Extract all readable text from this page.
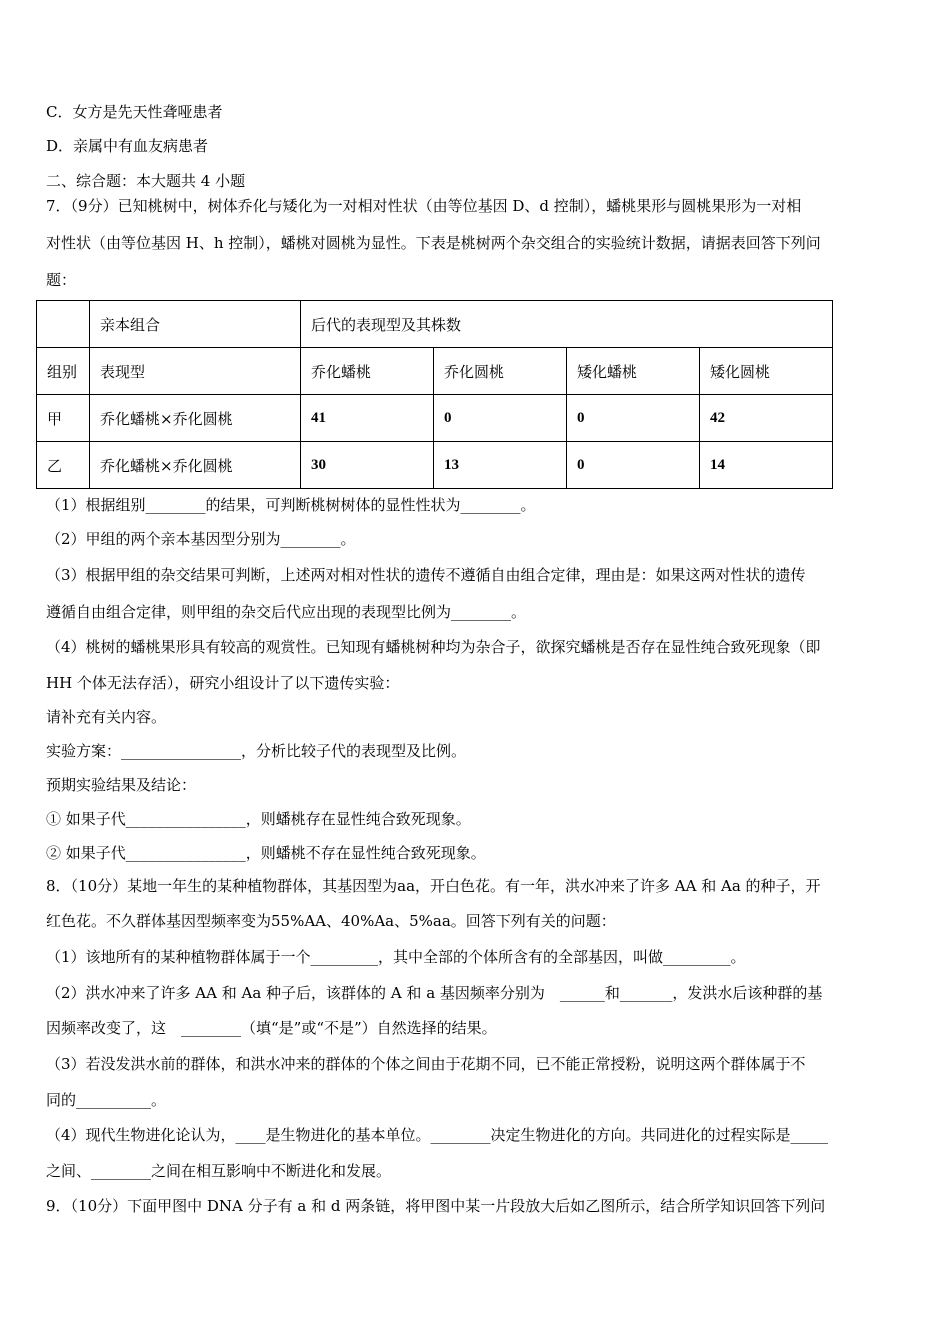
C．女方是先天性聋哑患者
D．亲属中有血友病患者
二、综合题：本大题共 4 小题
7．（9分）已知桃树中，树体乔化与矮化为一对相对性状（由等位基因 D、d 控制），蟠桃果形与圆桃果形为一对相
对性状（由等位基因 H、h 控制），蟠桃对圆桃为显性。下表是桃树两个杂交组合的实验统计数据，请据表回答下列问
题：
	亲本组合	后代的表现型及其株数			
组别	表现型	乔化蟠桃	乔化圆桃	矮化蟠桃	矮化圆桃
甲	乔化蟠桃×乔化圆桃	41	0	0	42
乙	乔化蟠桃×乔化圆桃	30	13	0	14
（1）根据组别________的结果，可判断桃树树体的显性性状为________。
（2）甲组的两个亲本基因型分别为________。
（3）根据甲组的杂交结果可判断，上述两对相对性状的遗传不遵循自由组合定律，理由是：如果这两对性状的遗传
遵循自由组合定律，则甲组的杂交后代应出现的表现型比例为________。
（4）桃树的蟠桃果形具有较高的观赏性。已知现有蟠桃树种均为杂合子，欲探究蟠桃是否存在显性纯合致死现象（即
HH 个体无法存活），研究小组设计了以下遗传实验：
请补充有关内容。
实验方案：________________，分析比较子代的表现型及比例。
预期实验结果及结论：
① 如果子代________________，则蟠桃存在显性纯合致死现象。
② 如果子代________________，则蟠桃不存在显性纯合致死现象。
8．（10分）某地一年生的某种植物群体，其基因型为aa，开白色花。有一年，洪水冲来了许多 AA 和 Aa 的种子，开
红色花。不久群体基因型频率变为55%AA、40%Aa、5%aa。回答下列有关的问题：
（1）该地所有的某种植物群体属于一个_________，其中全部的个体所含有的全部基因，叫做_________。
（2）洪水冲来了许多 AA 和 Aa 种子后，该群体的 A 和 a 基因频率分别为　______和_______，发洪水后该种群的基
因频率改变了，这　________（填“是”或“不是”）自然选择的结果。
（3）若没发洪水前的群体，和洪水冲来的群体的个体之间由于花期不同，已不能正常授粉，说明这两个群体属于不
同的__________。
（4）现代生物进化论认为，____是生物进化的基本单位。________决定生物进化的方向。共同进化的过程实际是_____
之间、________之间在相互影响中不断进化和发展。
9．（10分）下面甲图中 DNA 分子有 a 和 d 两条链，将甲图中某一片段放大后如乙图所示，结合所学知识回答下列问
